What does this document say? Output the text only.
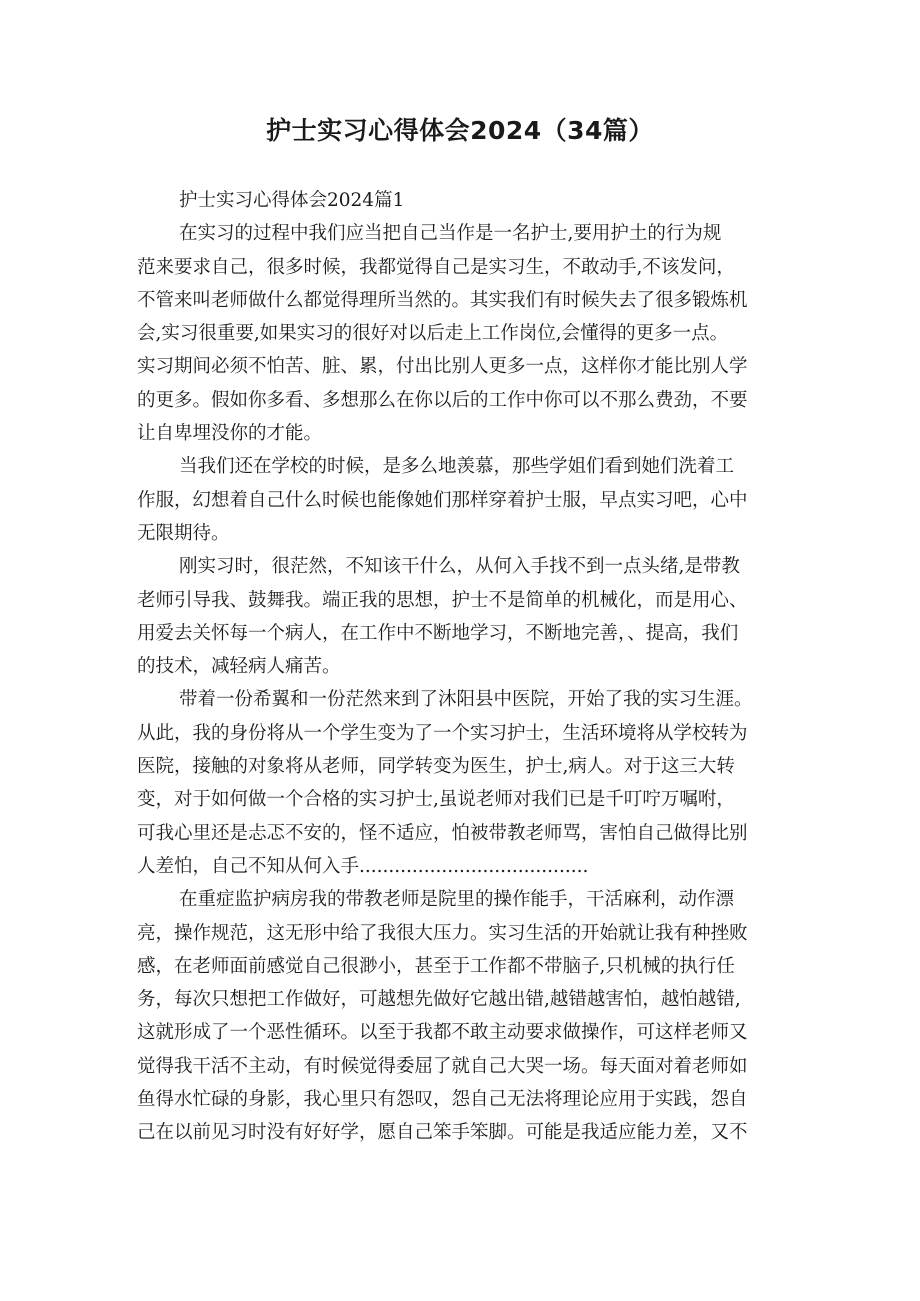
护士实习心得体会2024（34篇）

护士实习心得体会2024篇1

在实习的过程中我们应当把自己当作是一名护士,要用护土的行为规

范来要求自己，很多时候，我都觉得自己是实习生，不敢动手,不该发问，

不管来叫老师做什么都觉得理所当然的。其实我们有时候失去了很多锻炼机

会,实习很重要,如果实习的很好对以后走上工作岗位,会懂得的更多一点。

实习期间必须不怕苦、脏、累，付出比别人更多一点，这样你才能比别人学

的更多。假如你多看、多想那么在你以后的工作中你可以不那么费劲，不要

让自卑埋没你的才能。

当我们还在学校的时候，是多么地羡慕，那些学姐们看到她们洗着工

作服，幻想着自己什么时候也能像她们那样穿着护士服，早点实习吧，心中

无限期待。

刚实习时，很茫然，不知该干什么，从何入手找不到一点头绪,是带教

老师引导我、鼓舞我。端正我的思想，护士不是简单的机械化，而是用心、

用爱去关怀每一个病人，在工作中不断地学习，不断地完善，、提高，我们

的技术，减轻病人痛苦。

带着一份希翼和一份茫然来到了沐阳县中医院，开始了我的实习生涯。

从此，我的身份将从一个学生变为了一个实习护士，生活环境将从学校转为

医院，接触的对象将从老师，同学转变为医生，护士,病人。对于这三大转

变，对于如何做一个合格的实习护士,虽说老师对我们已是千叮咛万嘱咐，

可我心里还是忐忑不安的，怪不适应，怕被带教老师骂，害怕自己做得比别

人差怕，自己不知从何入手.......................................

在重症监护病房我的带教老师是院里的操作能手，干活麻利，动作漂

亮，操作规范，这无形中给了我很大压力。实习生活的开始就让我有种挫败

感，在老师面前感觉自己很渺小，甚至于工作都不带脑子,只机械的执行任

务，每次只想把工作做好，可越想先做好它越出错,越错越害怕，越怕越错,

这就形成了一个恶性循环。以至于我都不敢主动要求做操作，可这样老师又

觉得我干活不主动，有时候觉得委屈了就自己大哭一场。每天面对着老师如

鱼得水忙碌的身影，我心里只有怨叹，怨自己无法将理论应用于实践，怨自

己在以前见习时没有好好学，愿自己笨手笨脚。可能是我适应能力差，又不
